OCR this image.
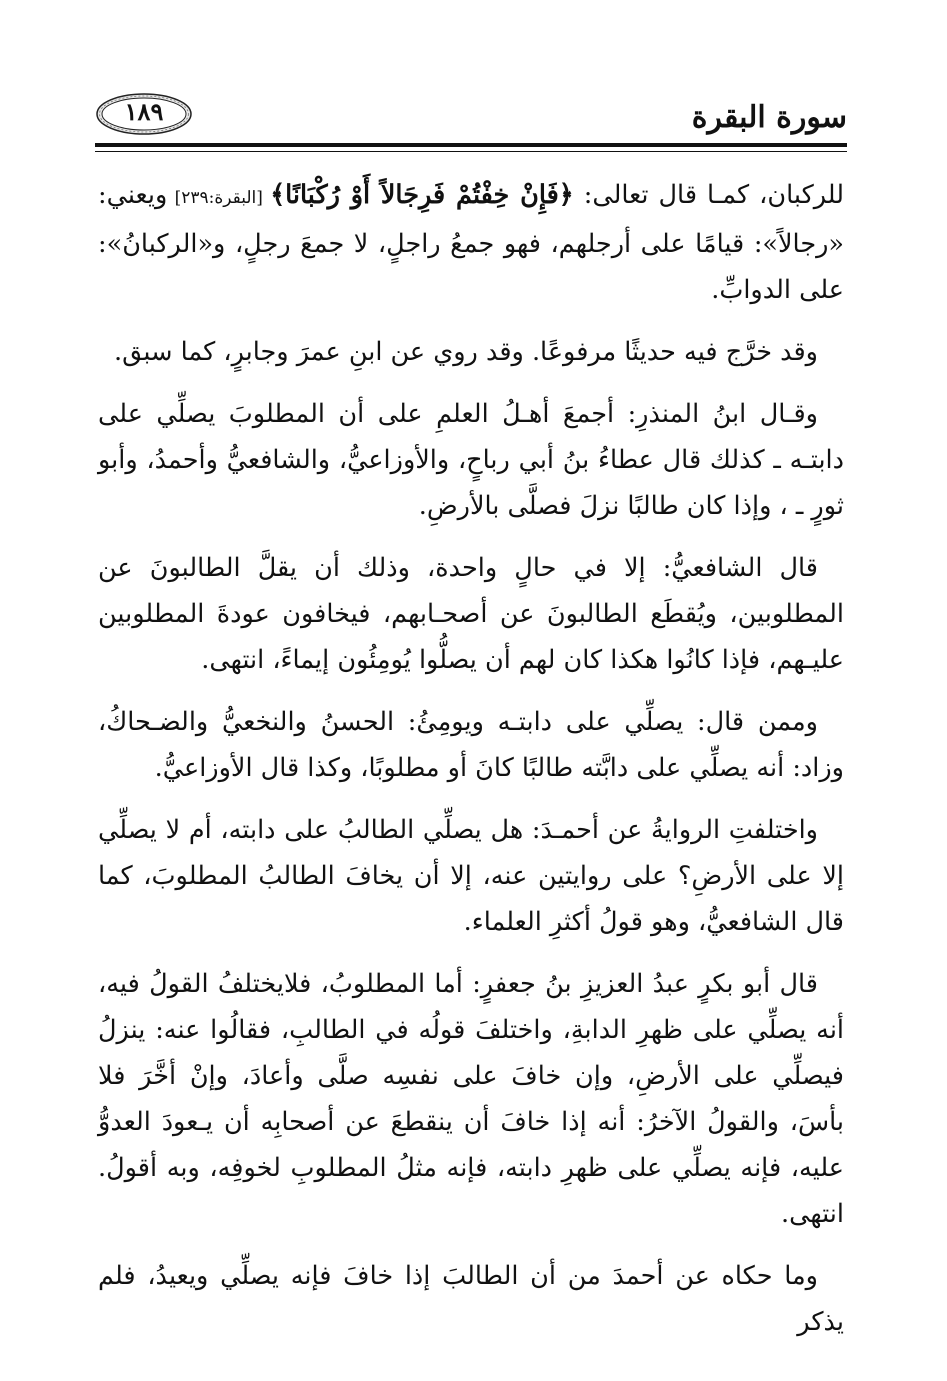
١٨٩	سورة البقرة

للركبان، كمـا قال تعالى: ﴿فَإِنْ خِفْتُمْ فَرِجَالاً أَوْ رُكْبَانًا﴾ [البقرة:٢٣٩] ويعني: «رجالاً»: قيامًا على أرجلهم، فهو جمعُ راجلٍ، لا جمعَ رجلٍ، و«الركبانُ»: على الدوابِّ.

وقد خرَّج فيه حديثًا مرفوعًا. وقد روي عن ابنِ عمرَ وجابرٍ، كما سبق.

وقـال ابنُ المنذرِ: أجمعَ أهـلُ العلمِ على أن المطلوبَ يصلِّي على دابتـه ـ كذلك قال عطاءُ بنُ أبي رباحٍ، والأوزاعيُّ، والشافعيُّ وأحمدُ، وأبو ثورٍ ـ ، وإذا كان طالبًا نزلَ فصلَّى بالأرضِ.

قال الشافعيُّ: إلا في حالٍ واحدة، وذلك أن يقلَّ الطالبونَ عن المطلوبين، ويُقطَع الطالبونَ عن أصحـابهم، فيخافون عودةَ المطلوبين عليـهم، فإذا كانُوا هكذا كان لهم أن يصلُّوا يُومِئُون إيماءً، انتهى.

وممن قال: يصلِّي على دابتـه ويومِئُ: الحسنُ والنخعيُّ والضـحاكُ، وزاد: أنه يصلِّي على دابَّته طالبًا كانَ أو مطلوبًا، وكذا قال الأوزاعيُّ.

واختلفتِ الروايةُ عن أحمـدَ: هل يصلِّي الطالبُ على دابته، أم لا يصلِّي إلا على الأرضِ؟ على روايتين عنه، إلا أن يخافَ الطالبُ المطلوبَ، كما قال الشافعيُّ، وهو قولُ أكثرِ العلماء.

قال أبو بكرٍ عبدُ العزيزِ بنُ جعفرٍ: أما المطلوبُ، فلايختلفُ القولُ فيه، أنه يصلِّي على ظهرِ الدابةِ، واختلفَ قولُه في الطالبِ، فقالُوا عنه: ينزلُ فيصلِّي على الأرضِ، وإن خافَ على نفسِه صلَّى وأعادَ، وإنْ أخَّرَ فلا بأسَ، والقولُ الآخرُ: أنه إذا خافَ أن ينقطعَ عن أصحابِه أن يـعودَ العدوُّ عليه، فإنه يصلِّي على ظهرِ دابته، فإنه مثلُ المطلوبِ لخوفِه، وبه أقولُ. انتهى.

وما حكاه عن أحمدَ من أن الطالبَ إذا خافَ فإنه يصلِّي ويعيدُ، فلم يذكر
